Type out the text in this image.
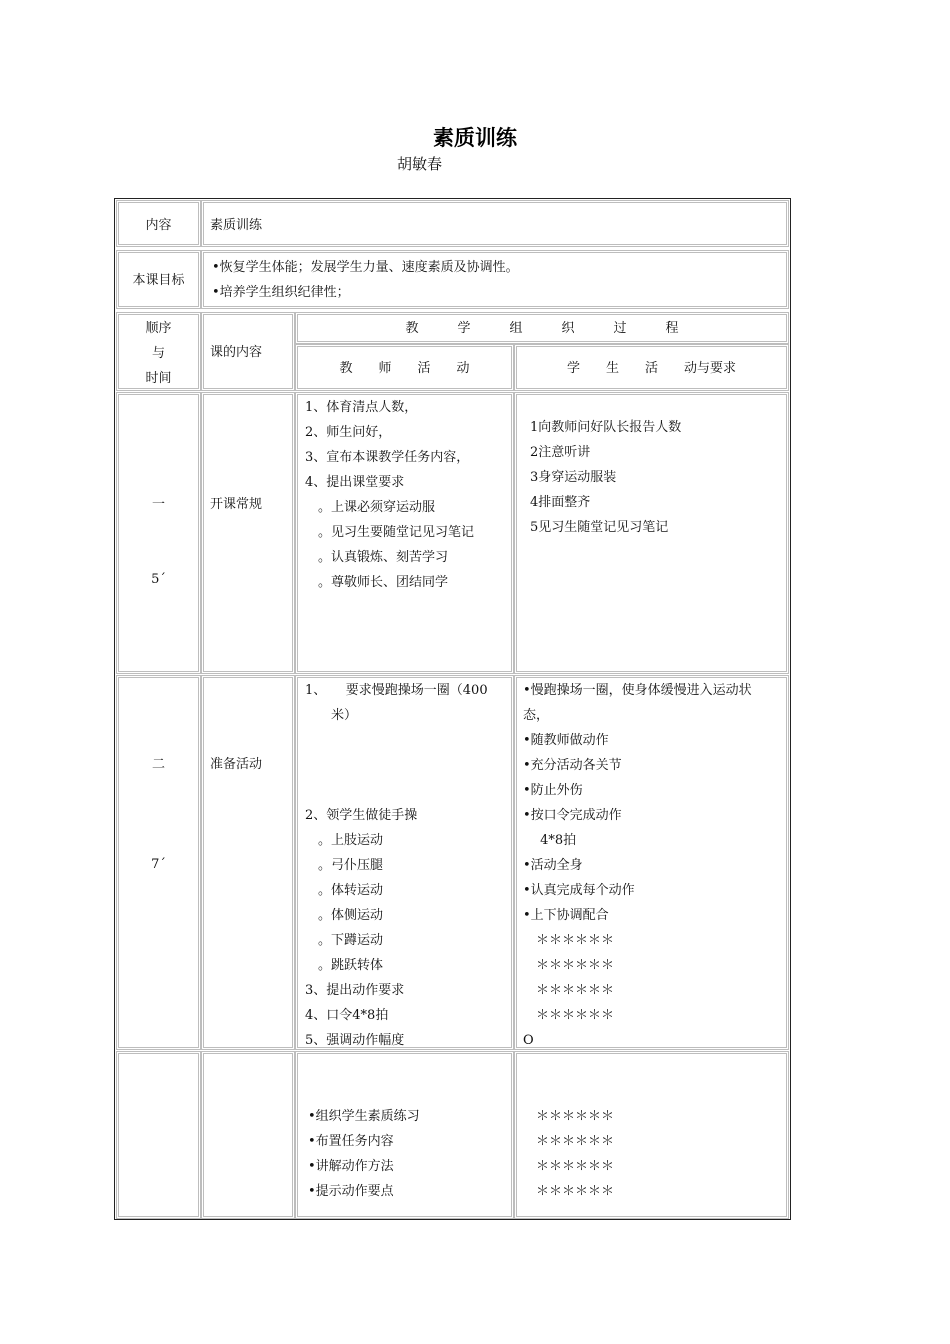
素质训练
胡敏春
内容	素质训练
本课目标
•恢复学生体能；发展学生力量、速度素质及协调性。
•培养学生组织纪律性；
顺序
与
时间
课的内容
教　　　学　　　组　　　织　　　过　　　程
教　　师　　活　　动	学　　生　　活　　动与要求
一
5´
开课常规
1、体育清点人数，
2、师生问好，
3、宣布本课教学任务内容，
4、提出课堂要求
　。上课必须穿运动服
　。见习生要随堂记见习笔记
　。认真锻炼、刻苦学习
　。尊敬师长、团结同学
1向教师问好队长报告人数
2注意听讲
3身穿运动服装
4排面整齐
5见习生随堂记见习笔记
二
7´
准备活动
1、　　要求慢跑操场一圈（400
　　米）
2、领学生做徒手操
　。上肢运动
　。弓仆压腿
　。体转运动
　。体侧运动
　。下蹲运动
　。跳跃转体
3、提出动作要求
4、口令4*8拍
5、强调动作幅度
•慢跑操场一圈，使身体缓慢进入运动状
态，
•随教师做动作
•充分活动各关节
•防止外伤
•按口令完成动作
　 4*8拍
•活动全身
•认真完成每个动作
•上下协调配合
　＊＊＊＊＊＊
　＊＊＊＊＊＊
　＊＊＊＊＊＊
　＊＊＊＊＊＊
O
•组织学生素质练习
•布置任务内容
•讲解动作方法
•提示动作要点
　＊＊＊＊＊＊
　＊＊＊＊＊＊
　＊＊＊＊＊＊
　＊＊＊＊＊＊
